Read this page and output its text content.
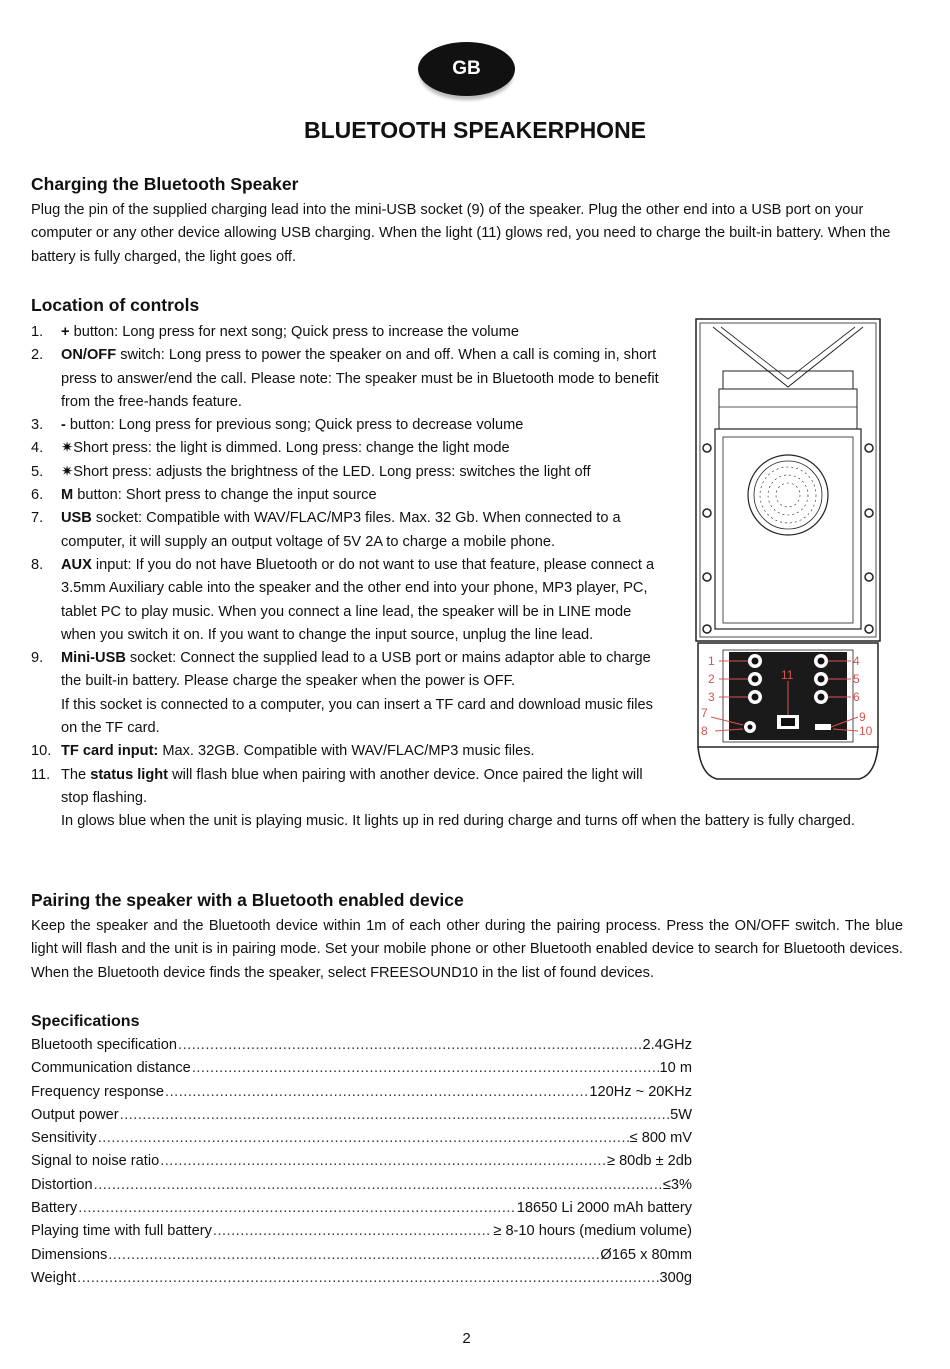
GB
BLUETOOTH SPEAKERPHONE
Charging the Bluetooth Speaker
Plug the pin of the supplied charging lead into the mini-USB socket (9) of the speaker. Plug the other end into a USB port on your computer or any other device allowing USB charging. When the light (11) glows red, you need to charge the built-in battery. When the battery is fully charged, the light goes off.
Location of controls
1. + button: Long press for next song; Quick press to increase the volume
2. ON/OFF switch: Long press to power the speaker on and off. When a call is coming in, short press to answer/end the call. Please note: The speaker must be in Bluetooth mode to benefit from the free-hands feature.
3. - button: Long press for previous song; Quick press to decrease volume
4. ✷Short press: the light is dimmed. Long press: change the light mode
5. ✷Short press: adjusts the brightness of the LED. Long press: switches the light off
6. M button: Short press to change the input source
7. USB socket: Compatible with WAV/FLAC/MP3 files. Max. 32 Gb. When connected to a computer, it will supply an output voltage of 5V 2A to charge a mobile phone.
8. AUX input: If you do not have Bluetooth or do not want to use that feature, please connect a 3.5mm Auxiliary cable into the speaker and the other end into your phone, MP3 player, PC, tablet PC to play music. When you connect a line lead, the speaker will be in LINE mode when you switch it on. If you want to change the input source, unplug the line lead.
9. Mini-USB socket: Connect the supplied lead to a USB port or mains adaptor able to charge the built-in battery. Please charge the speaker when the power is OFF.
If this socket is connected to a computer, you can insert a TF card and download music files on the TF card.
10. TF card input: Max. 32GB. Compatible with WAV/FLAC/MP3 music files.
11. The status light will flash blue when pairing with another device. Once paired the light will stop flashing.
In glows blue when the unit is playing music. It lights up in red during charge and turns off when the battery is fully charged.
1
2
3
4
5
6
7
8
9
10
11
Pairing the speaker with a Bluetooth enabled device
Keep the speaker and the Bluetooth device within 1m of each other during the pairing process. Press the ON/OFF switch. The blue light will flash and the unit is in pairing mode. Set your mobile phone or other Bluetooth enabled device to search for Bluetooth devices. When the Bluetooth device finds the speaker, select FREESOUND10 in the list of found devices.
Specifications
Bluetooth specification .....	2.4GHz
Communication distance .....	10 m
Frequency response .....	120Hz ~ 20KHz
Output power .....	5W
Sensitivity .....	≤ 800 mV
Signal to noise ratio .....	≥ 80db ± 2db
Distortion .....	≤3%
Battery .....	18650 Li 2000 mAh battery
Playing time with full battery .....	≥ 8-10 hours (medium volume)
Dimensions .....	Ø165 x 80mm
Weight .....	300g
2
